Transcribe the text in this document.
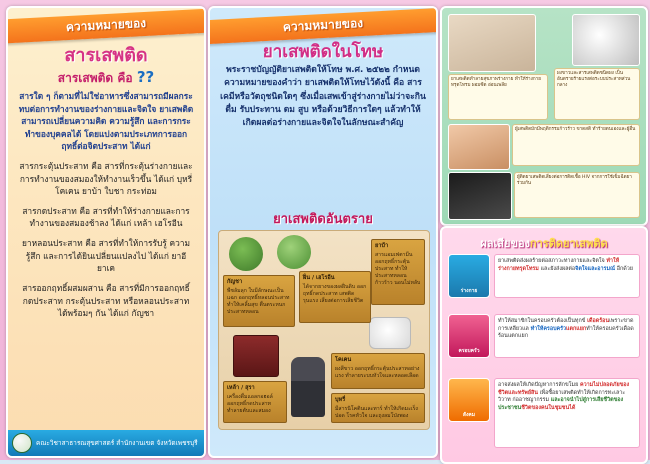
ความหมายของ
สารเสพติด
สารเสพติด คือ ??

สารใด ๆ ก็ตามที่ไม่ใช่อาหารซึ่งสามารถมีผลกระทบต่อการทำงานของร่างกายและจิตใจ ยาเสพติดสามารถเปลี่ยนความคิด ความรู้สึก และการกระทำของบุคคลได้ โดยแบ่งตามประเภทการออกฤทธิ์ต่อจิตประสาท ได้แก่

สารกระตุ้นประสาท คือ สารที่กระตุ้นร่างกายและการทำงานของสมองให้ทำงานเร็วขึ้น ได้แก่ บุหรี่ โคเคน ยาบ้า ใบชา กระท่อม

สารกดประสาท คือ สารที่ทำให้ร่างกายและการทำงานของสมองช้าลง ได้แก่ เหล้า เฮโรอีน

ยาหลอนประสาท คือ สารที่ทำให้การรับรู้ ความรู้สึก และการได้ยินเปลี่ยนแปลงไป ได้แก่ ยาอี ยาเค

สารออกฤทธิ์ผสมผสาน คือ สารที่มีการออกฤทธิ์กดประสาท กระตุ้นประสาท หรือหลอนประสาทได้พร้อมๆ กัน ได้แก่ กัญชา

คณะวิชาสาธารณสุขศาสตร์ สำนักงานเขต จังหวัดเพชรบุรี
ความหมายของ
ยาเสพติดในโทษ
พระราชบัญญัติยาเสพติดให้โทษ พ.ศ. ๒๕๒๒ กำหนดความหมายของคำว่า ยาเสพติดให้โทษไว้ดังนี้ คือ สารเคมีหรือวัตถุชนิดใดๆ ซึ่งเมื่อเสพเข้าสู่ร่างกายไม่ว่าจะกินดื่ม รับประทาน ดม สูบ หรือด้วยวิธีการใดๆ แล้วทำให้เกิดผลต่อร่างกายและจิตใจในลักษณะสำคัญ
ยาเสพติดอันตราย
กัญชา
พืชล้มลุก ใบมีลักษณะเป็นแฉก ออกฤทธิ์หลอนประสาท ทำให้เคลิ้มสุข ตื่นตระหนก ประสาทหลอน
ฝิ่น / เฮโรอีน
ได้จากยางของผลฝิ่นดิบ ออกฤทธิ์กดประสาท เสพติดรุนแรง เสี่ยงต่อการเสียชีวิต
ยาบ้า
สารแอมเฟตามีน ออกฤทธิ์กระตุ้นประสาท ทำให้ประสาทหลอน ก้าวร้าว นอนไม่หลับ
เหล้า / สุรา
เครื่องดื่มแอลกอฮอล์ ออกฤทธิ์กดประสาท ทำลายตับและสมอง
โคเคน
ผงสีขาว ออกฤทธิ์กระตุ้นประสาทอย่างแรง ทำลายระบบหัวใจและหลอดเลือด
บุหรี่
มีสารนิโคตินและทาร์ ทำให้เกิดมะเร็งปอด โรคหัวใจ และถุงลมโป่งพอง
ยาเสพติดทำลายสุขภาพร่างกาย ทำให้ร่างกายทรุดโทรม ผอมซีด อ่อนเพลีย
ผงขาวและสารเสพติดชนิดผง เป็นอันตรายร้ายแรงต่อระบบประสาทส่วนกลาง
ผู้เสพติดมักมีพฤติกรรมก้าวร้าว ขาดสติ ทำร้ายตนเองและผู้อื่น
ผู้ติดยาเสพติดเสี่ยงต่อการติดเชื้อ HIV จากการใช้เข็มฉีดยาร่วมกัน
ผลเสียของการติดยาเสพติด
ร่างกาย
ยาเสพติดส่งผลร้ายต่อสภาวะทางกายและจิตใจ ทำให้ร่างกายทรุดโทรม และยังส่งผลต่อจิตใจและอารมณ์ อีกด้วย
ครอบครัว
ทำให้สมาชิกในครอบครัวต้องเป็นทุกข์ เดือดร้อนเพราะขาดการเหลียวแล ทำให้ครอบครัวแตกแยกทำให้ครอบครัวเดือดร้อนแตกแยก
สังคม
อาจส่งผลให้เกิดปัญหาการลักขโมย ความไม่ปลอดภัยของชีวิตและทรัพย์สิน เพื่อซื้อยาเสพติดทำให้เกิดการทะเลาะวิวาท ก่ออาชญากรรม และอาจนำไปสู่การเสียชีวิตของประชาชนชีวิตของคนในชุมชนได้
